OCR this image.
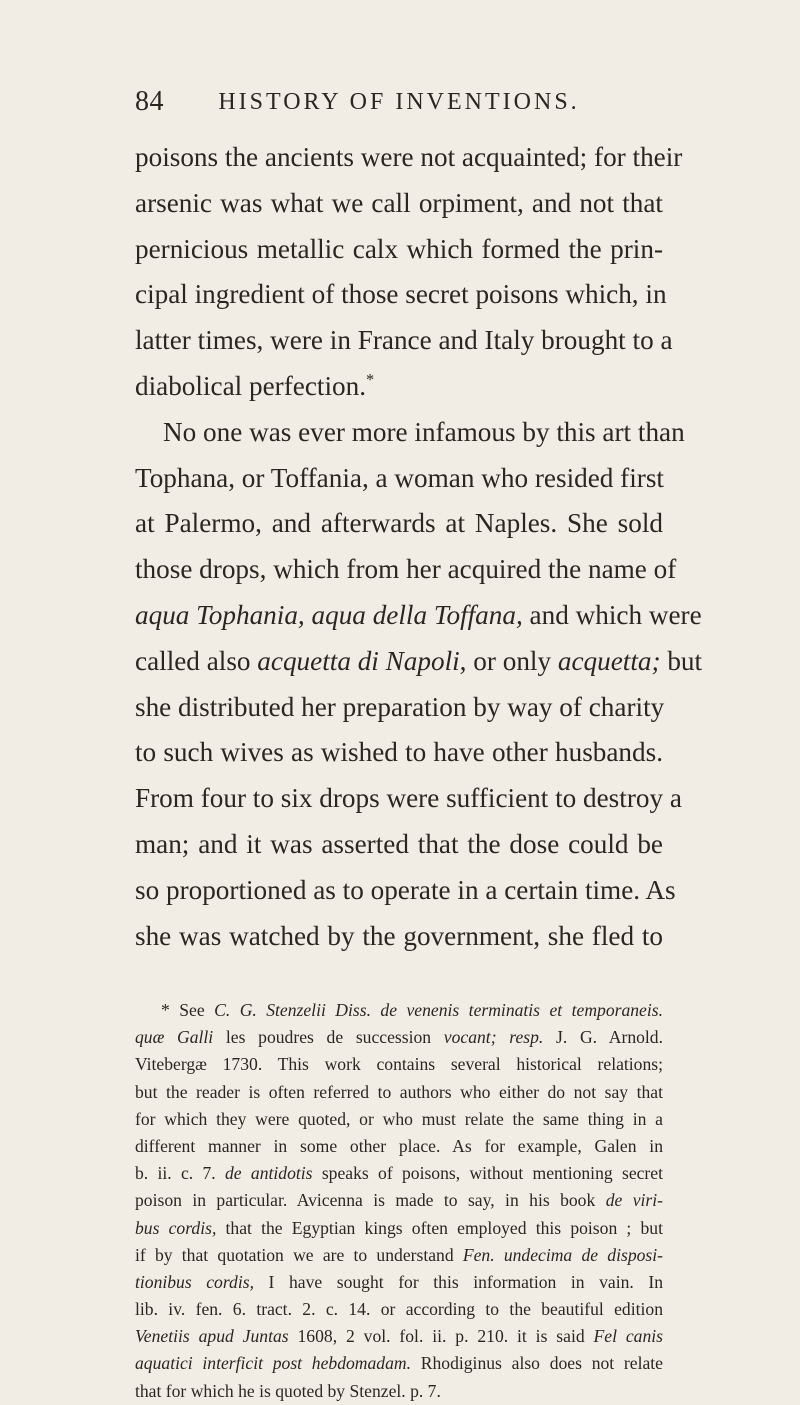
84	HISTORY OF INVENTIONS.
poisons the ancients were not acquainted; for their
arsenic was what we call orpiment, and not that
pernicious metallic calx which formed the prin-
cipal ingredient of those secret poisons which, in
latter times, were in France and Italy brought to a
diabolical perfection.*
No one was ever more infamous by this art than
Tophana, or Toffania, a woman who resided first
at Palermo, and afterwards at Naples. She sold
those drops, which from her acquired the name of
aqua Tophania, aqua della Toffana, and which were
called also acquetta di Napoli, or only acquetta; but
she distributed her preparation by way of charity
to such wives as wished to have other husbands.
From four to six drops were sufficient to destroy a
man; and it was asserted that the dose could be
so proportioned as to operate in a certain time. As
she was watched by the government, she fled to
* See C. G. Stenzelii Diss. de venenis terminatis et temporaneis.
quæ Galli les poudres de succession vocant; resp. J. G. Arnold.
Vitebergæ 1730. This work contains several historical relations;
but the reader is often referred to authors who either do not say that
for which they were quoted, or who must relate the same thing in a
different manner in some other place. As for example, Galen in
b. ii. c. 7. de antidotis speaks of poisons, without mentioning secret
poison in particular. Avicenna is made to say, in his book de viri-
bus cordis, that the Egyptian kings often employed this poison ; but
if by that quotation we are to understand Fen. undecima de disposi-
tionibus cordis, I have sought for this information in vain. In
lib. iv. fen. 6. tract. 2. c. 14. or according to the beautiful edition
Venetiis apud Juntas 1608, 2 vol. fol. ii. p. 210. it is said Fel canis
aquatici interficit post hebdomadam. Rhodiginus also does not relate
that for which he is quoted by Stenzel. p. 7.
